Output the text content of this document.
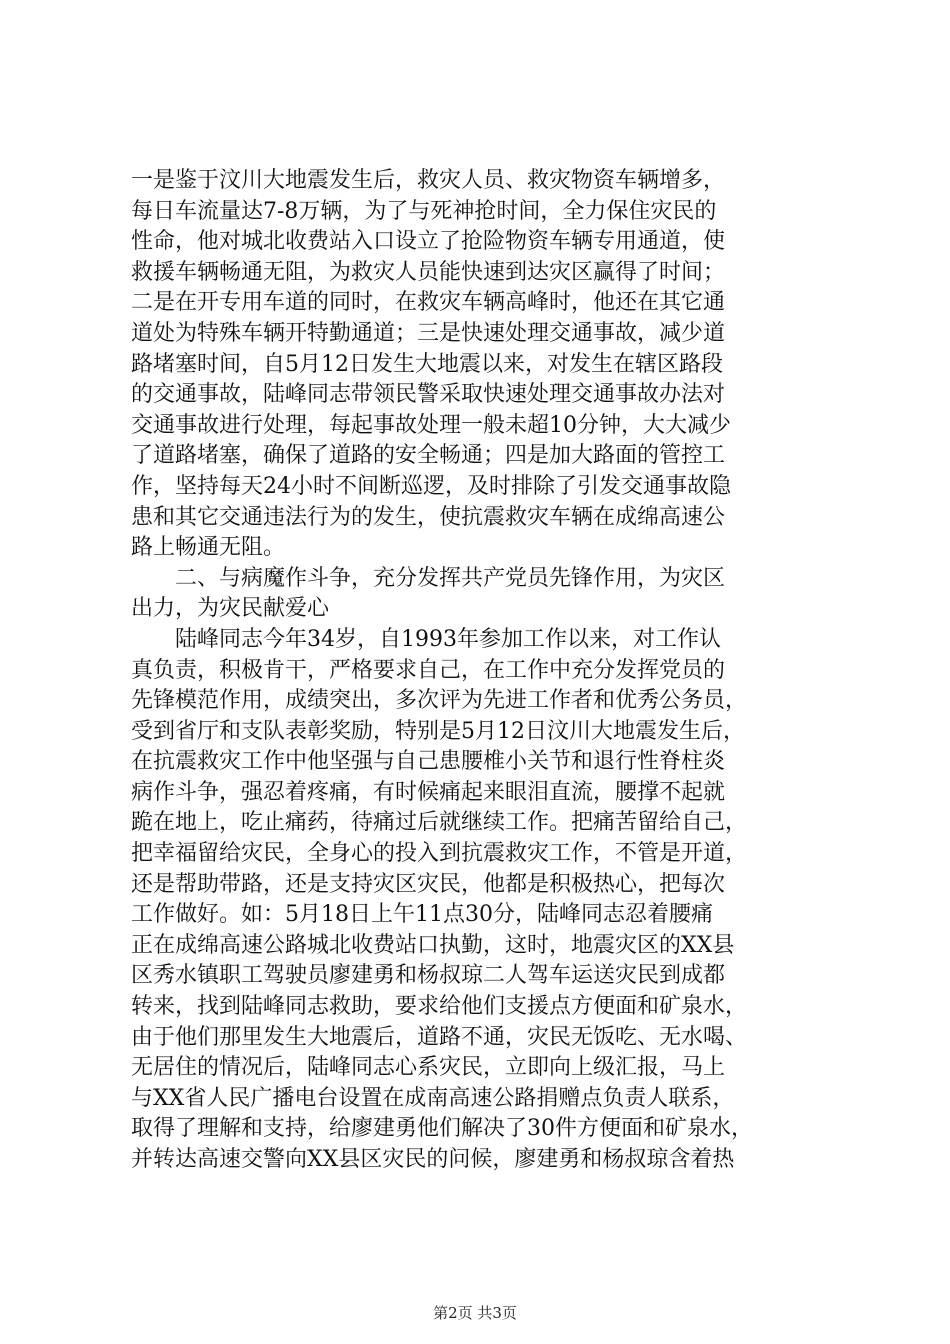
一是鉴于汶川大地震发生后，救灾人员、救灾物资车辆增多，
每日车流量达7-8万辆，为了与死神抢时间，全力保住灾民的
性命，他对城北收费站入口设立了抢险物资车辆专用通道，使
救援车辆畅通无阻，为救灾人员能快速到达灾区赢得了时间；
二是在开专用车道的同时，在救灾车辆高峰时，他还在其它通
道处为特殊车辆开特勤通道；三是快速处理交通事故，减少道
路堵塞时间，自5月12日发生大地震以来，对发生在辖区路段
的交通事故，陆峰同志带领民警采取快速处理交通事故办法对
交通事故进行处理，每起事故处理一般未超10分钟，大大减少
了道路堵塞，确保了道路的安全畅通；四是加大路面的管控工
作，坚持每天24小时不间断巡逻，及时排除了引发交通事故隐
患和其它交通违法行为的发生，使抗震救灾车辆在成绵高速公
路上畅通无阻。
二、与病魔作斗争，充分发挥共产党员先锋作用，为灾区
出力，为灾民献爱心
陆峰同志今年34岁，自1993年参加工作以来，对工作认
真负责，积极肯干，严格要求自己，在工作中充分发挥党员的
先锋模范作用，成绩突出，多次评为先进工作者和优秀公务员，
受到省厅和支队表彰奖励，特别是5月12日汶川大地震发生后，
在抗震救灾工作中他坚强与自己患腰椎小关节和退行性脊柱炎
病作斗争，强忍着疼痛，有时候痛起来眼泪直流，腰撑不起就
跪在地上，吃止痛药，待痛过后就继续工作。把痛苦留给自己，
把幸福留给灾民，全身心的投入到抗震救灾工作，不管是开道，
还是帮助带路，还是支持灾区灾民，他都是积极热心，把每次
工作做好。如：5月18日上午11点30分，陆峰同志忍着腰痛
正在成绵高速公路城北收费站口执勤，这时，地震灾区的XX县
区秀水镇职工驾驶员廖建勇和杨叔琼二人驾车运送灾民到成都
转来，找到陆峰同志救助，要求给他们支援点方便面和矿泉水，
由于他们那里发生大地震后，道路不通，灾民无饭吃、无水喝、
无居住的情况后，陆峰同志心系灾民，立即向上级汇报，马上
与XX省人民广播电台设置在成南高速公路捐赠点负责人联系，
取得了理解和支持，给廖建勇他们解决了30件方便面和矿泉水，
并转达高速交警向XX县区灾民的问候，廖建勇和杨叔琼含着热
第2页 共3页
